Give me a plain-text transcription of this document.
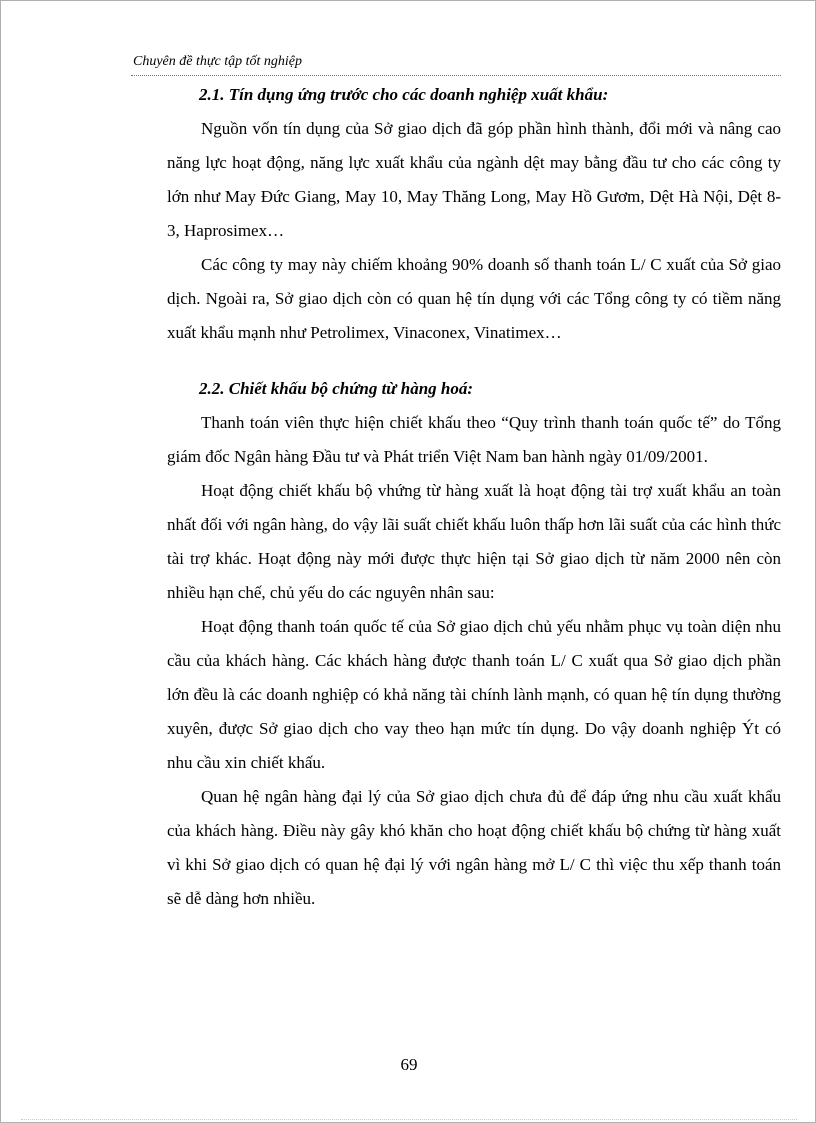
Chuyên đề thực tập tốt nghiệp

2.1. Tín dụng ứng trước cho các doanh nghiệp xuất khẩu:

Nguồn vốn tín dụng của Sở giao dịch đã góp phần hình thành, đổi mới và nâng cao năng lực hoạt động, năng lực xuất khẩu của ngành dệt may bằng đầu tư cho các công ty lớn như May Đức Giang, May 10, May Thăng Long, May Hồ Gươm, Dệt Hà Nội, Dệt 8-3, Haprosimex…

Các công ty may này chiếm khoảng 90% doanh số thanh toán L/ C xuất của Sở giao dịch. Ngoài ra, Sở giao dịch còn có quan hệ tín dụng với các Tổng công ty có tiềm năng xuất khẩu mạnh như Petrolimex, Vinaconex, Vinatimex…

2.2. Chiết khấu bộ chứng từ hàng hoá:

Thanh toán viên thực hiện chiết khấu theo “Quy trình thanh toán quốc tế” do Tổng giám đốc Ngân hàng Đầu tư và Phát triển Việt Nam ban hành ngày 01/09/2001.

Hoạt động chiết khấu bộ vhứng từ hàng xuất là hoạt động tài trợ xuất khẩu an toàn nhất đối với ngân hàng, do vậy lãi suất chiết khấu luôn thấp hơn lãi suất của các hình thức tài trợ khác. Hoạt động này mới được thực hiện tại Sở giao dịch từ năm 2000 nên còn nhiều hạn chế, chủ yếu do các nguyên nhân sau:

Hoạt động thanh toán quốc tế của Sở giao dịch chủ yếu nhằm phục vụ toàn diện nhu cầu của khách hàng. Các khách hàng được thanh toán L/ C xuất qua Sở giao dịch phần lớn đều là các doanh nghiệp có khả năng tài chính lành mạnh, có quan hệ tín dụng thường xuyên, được Sở giao dịch cho vay theo hạn mức tín dụng. Do vậy doanh nghiệp Ýt có nhu cầu xin chiết khấu.

Quan hệ ngân hàng đại lý của Sở giao dịch chưa đủ để đáp ứng nhu cầu xuất khẩu của khách hàng. Điều này gây khó khăn cho hoạt động chiết khấu bộ chứng từ hàng xuất vì khi Sở giao dịch có quan hệ đại lý với ngân hàng mở L/ C thì việc thu xếp thanh toán sẽ dễ dàng hơn nhiều.

69
